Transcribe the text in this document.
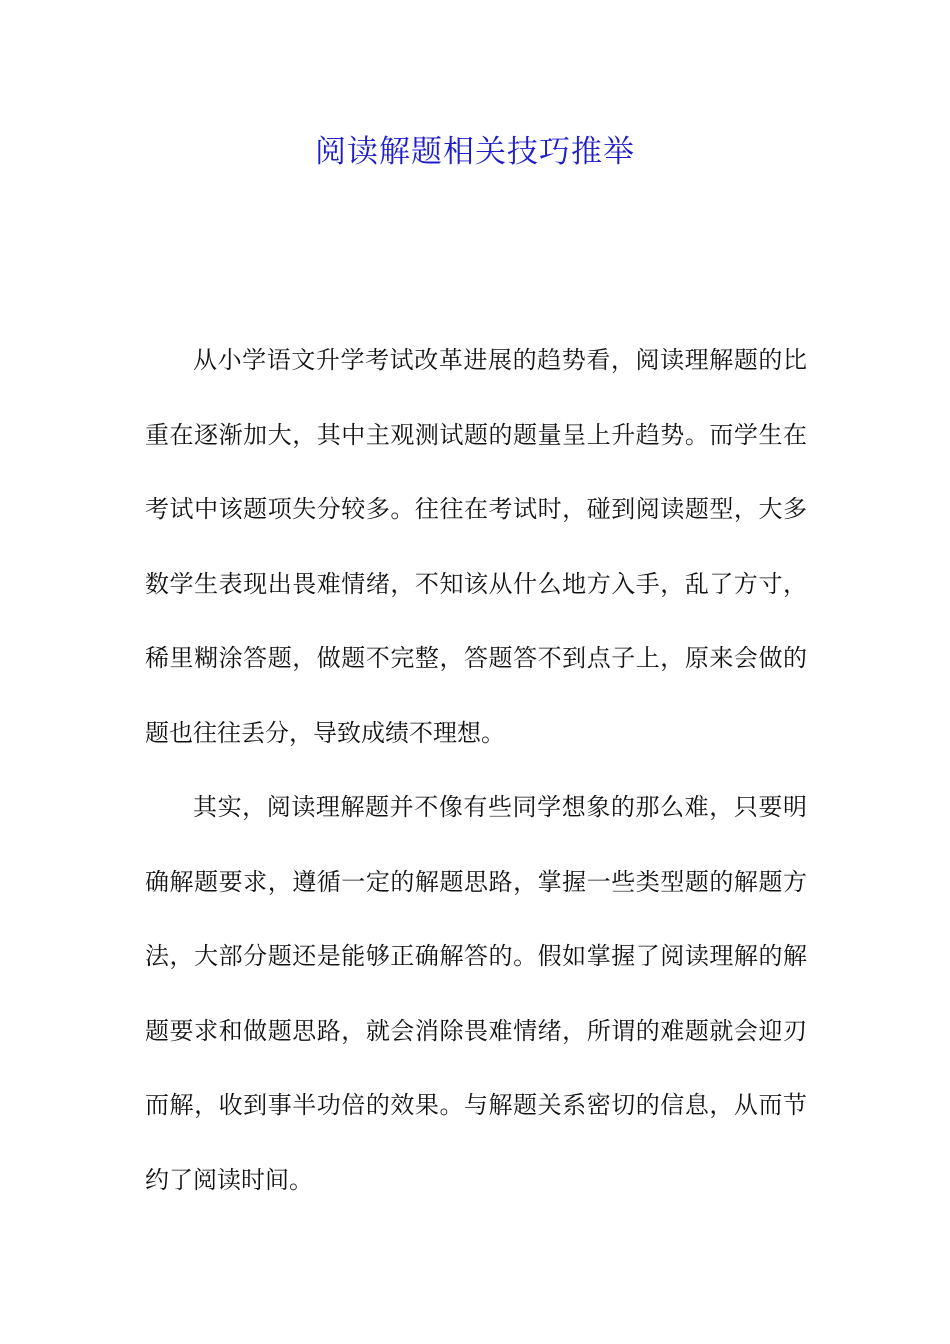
阅读解题相关技巧推举

从小学语文升学考试改革进展的趋势看，阅读理解题的比重在逐渐加大，其中主观测试题的题量呈上升趋势。而学生在考试中该题项失分较多。往往在考试时，碰到阅读题型，大多数学生表现出畏难情绪，不知该从什么地方入手，乱了方寸，稀里糊涂答题，做题不完整，答题答不到点子上，原来会做的题也往往丢分，导致成绩不理想。

其实，阅读理解题并不像有些同学想象的那么难，只要明确解题要求，遵循一定的解题思路，掌握一些类型题的解题方法，大部分题还是能够正确解答的。假如掌握了阅读理解的解题要求和做题思路，就会消除畏难情绪，所谓的难题就会迎刃而解，收到事半功倍的效果。与解题关系密切的信息，从而节约了阅读时间。
